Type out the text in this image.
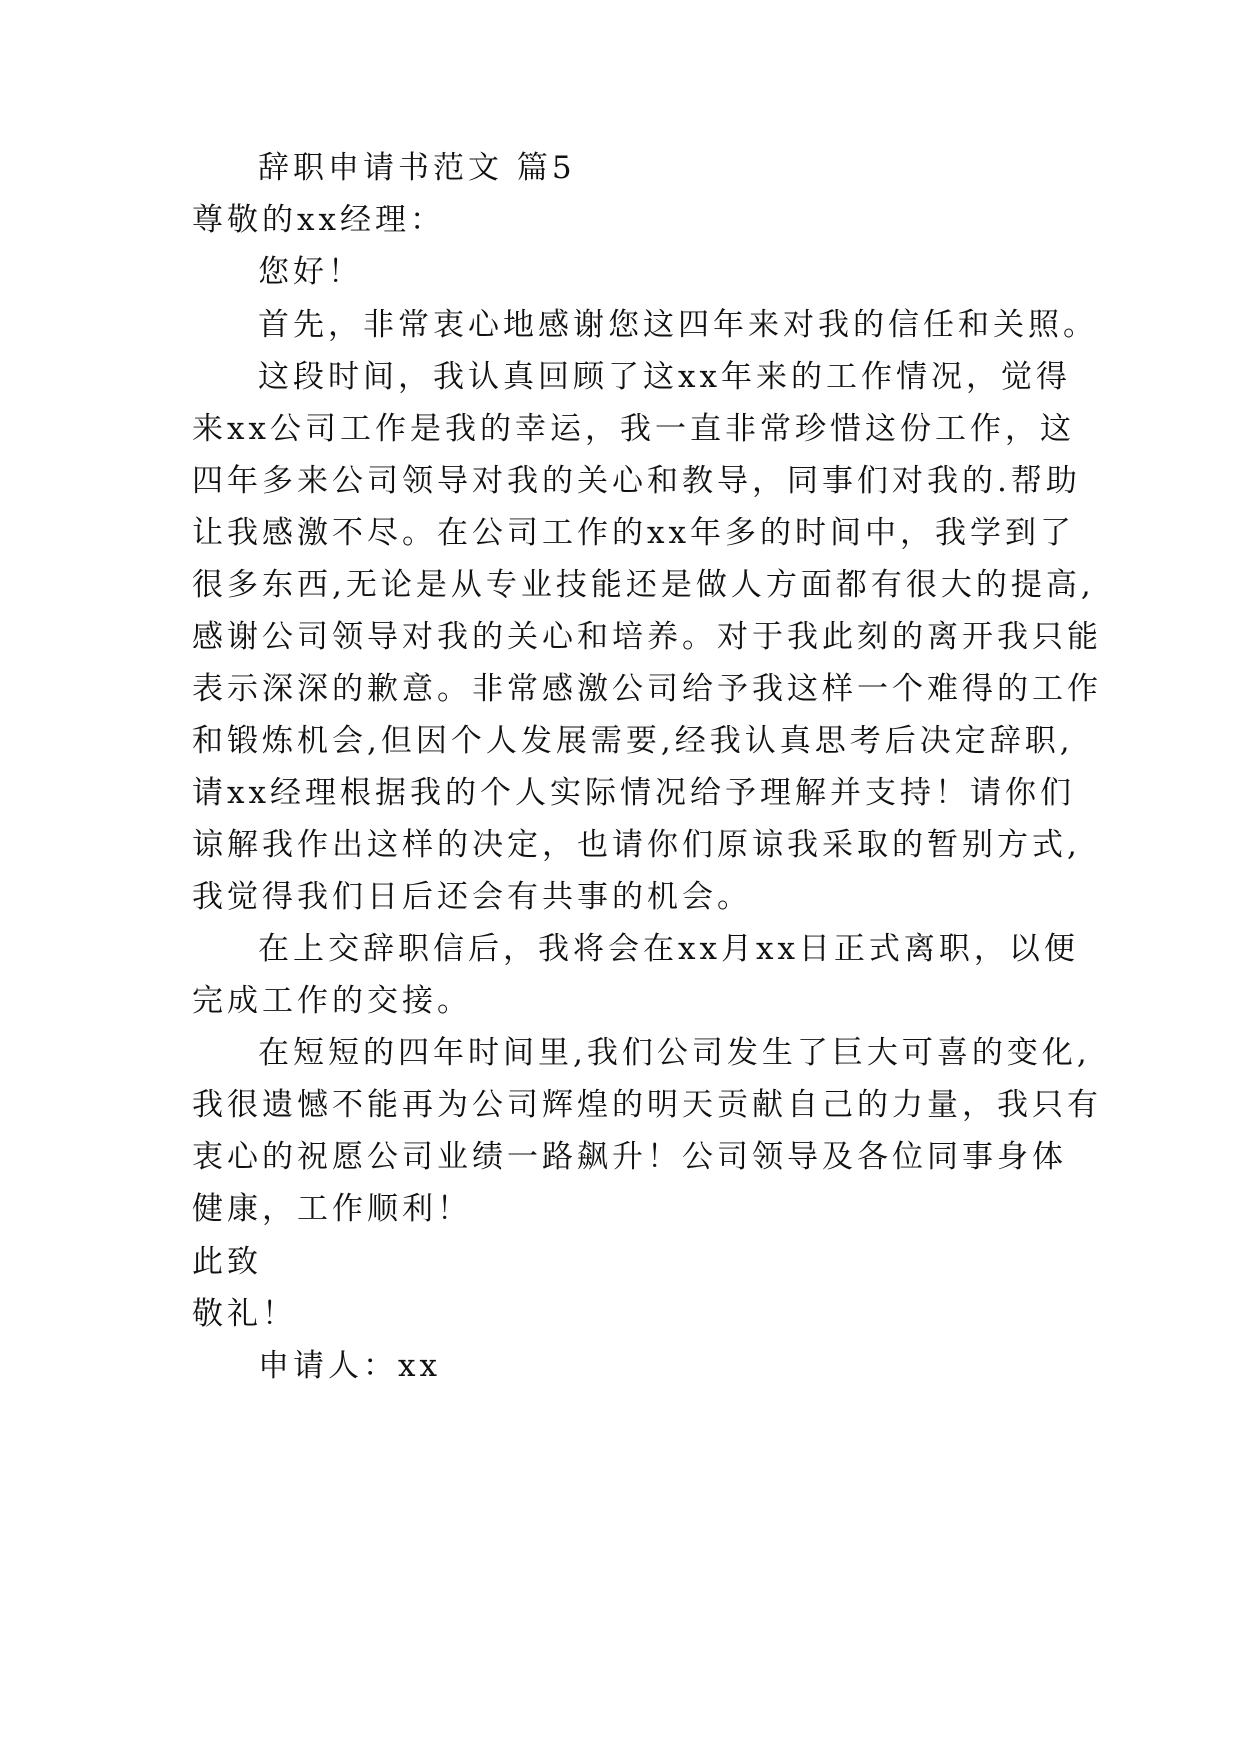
辞职申请书范文 篇5
尊敬的xx经理：
您好！
首先，非常衷心地感谢您这四年来对我的信任和关照。
这段时间，我认真回顾了这xx年来的工作情况，觉得
来xx公司工作是我的幸运，我一直非常珍惜这份工作，这
四年多来公司领导对我的关心和教导，同事们对我的.帮助
让我感激不尽。在公司工作的xx年多的时间中，我学到了
很多东西,无论是从专业技能还是做人方面都有很大的提高,
感谢公司领导对我的关心和培养。对于我此刻的离开我只能
表示深深的歉意。非常感激公司给予我这样一个难得的工作
和锻炼机会,但因个人发展需要,经我认真思考后决定辞职,
请xx经理根据我的个人实际情况给予理解并支持！请你们
谅解我作出这样的决定，也请你们原谅我采取的暂别方式,
我觉得我们日后还会有共事的机会。
在上交辞职信后，我将会在xx月xx日正式离职，以便
完成工作的交接。
在短短的四年时间里,我们公司发生了巨大可喜的变化,
我很遗憾不能再为公司辉煌的明天贡献自己的力量，我只有
衷心的祝愿公司业绩一路飙升！公司领导及各位同事身体
健康，工作顺利！
此致
敬礼！
申请人：xx
